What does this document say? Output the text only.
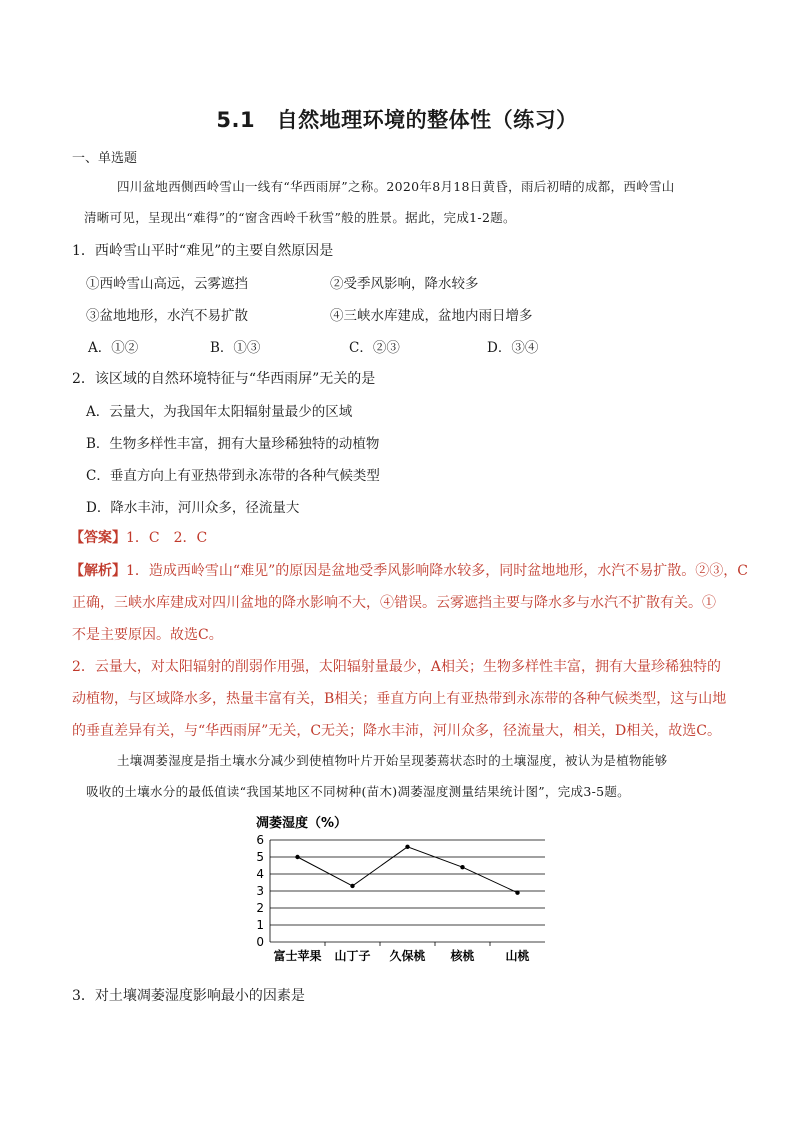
5.1　自然地理环境的整体性（练习）
一、单选题
四川盆地西侧西岭雪山一线有“华西雨屏”之称。2020年8月18日黄昏，雨后初晴的成都，西岭雪山
清晰可见，呈现出“难得”的“窗含西岭千秋雪”般的胜景。据此，完成1-2题。
1．西岭雪山平时“难见”的主要自然原因是
①西岭雪山高远，云雾遮挡	②受季风影响，降水较多
③盆地地形，水汽不易扩散	④三峡水库建成，盆地内雨日增多
A．①②	B．①③	C．②③	D．③④
2．该区域的自然环境特征与“华西雨屏”无关的是
A．云量大，为我国年太阳辐射量最少的区域
B．生物多样性丰富，拥有大量珍稀独特的动植物
C．垂直方向上有亚热带到永冻带的各种气候类型
D．降水丰沛，河川众多，径流量大
【答案】1．C　2．C
【解析】1．造成西岭雪山“难见”的原因是盆地受季风影响降水较多，同时盆地地形，水汽不易扩散。②③，C
正确，三峡水库建成对四川盆地的降水影响不大，④错误。云雾遮挡主要与降水多与水汽不扩散有关。①
不是主要原因。故选C。
2．云量大，对太阳辐射的削弱作用强，太阳辐射量最少，A相关；生物多样性丰富，拥有大量珍稀独特的
动植物，与区域降水多，热量丰富有关，B相关；垂直方向上有亚热带到永冻带的各种气候类型，这与山地
的垂直差异有关，与“华西雨屏”无关，C无关；降水丰沛，河川众多，径流量大，相关，D相关，故选C。
土壤凋萎湿度是指土壤水分减少到使植物叶片开始呈现萎蔫状态时的土壤湿度，被认为是植物能够
吸收的土壤水分的最低值读“我国某地区不同树种(苗木)凋萎湿度测量结果统计图”，完成3-5题。
凋萎湿度（%）
0
1
2
3
4
5
6
富士苹果 山丁子 久保桃 核桃	山桃
3．对土壤凋萎湿度影响最小的因素是
